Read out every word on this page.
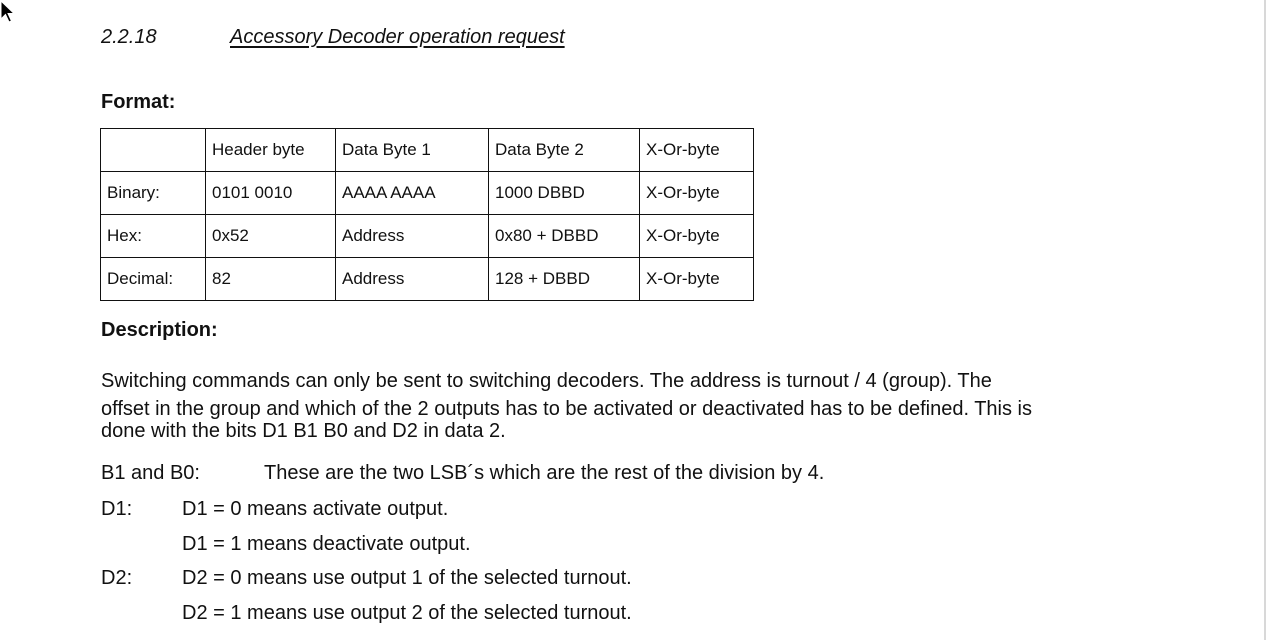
2.2.18	Accessory Decoder operation request
Format:
	Header byte	Data Byte 1	Data Byte 2	X-Or-byte
Binary:	0101 0010	AAAA AAAA	1000 DBBD	X-Or-byte
Hex:	0x52	Address	0x80 + DBBD	X-Or-byte
Decimal:	82	Address	128 + DBBD	X-Or-byte
Description:
Switching commands can only be sent to switching decoders. The address is turnout / 4 (group). The
offset in the group and which of the 2 outputs has to be activated or deactivated has to be defined. This is
done with the bits D1 B1 B0 and D2 in data 2.
B1 and B0:	These are the two LSB´s which are the rest of the division by 4.
D1: D1 = 0 means activate output.
D1 = 1 means deactivate output.
D2: D2 = 0 means use output 1 of the selected turnout.
D2 = 1 means use output 2 of the selected turnout.
